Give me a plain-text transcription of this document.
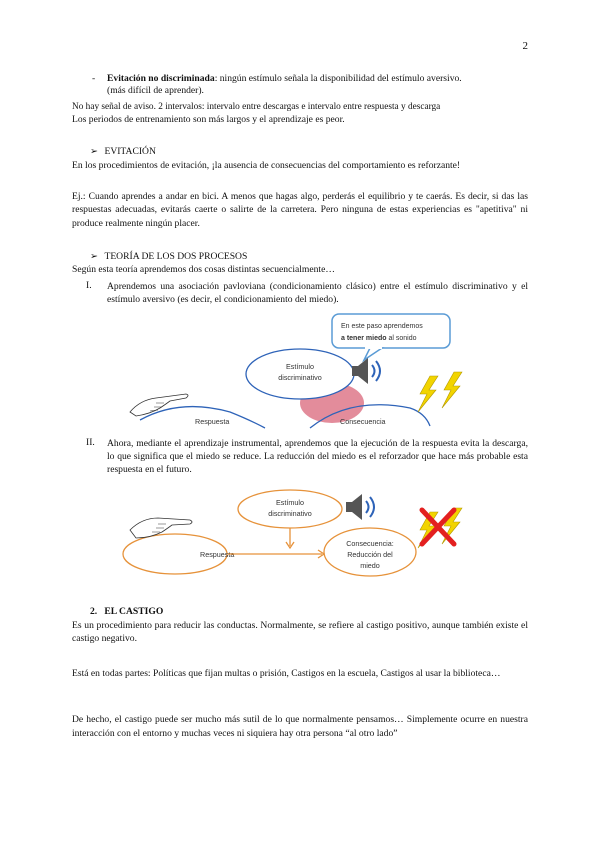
2
- Evitación no discriminada: ningún estímulo señala la disponibilidad del estímulo aversivo.
(más difícil de aprender).
No hay señal de aviso. 2 intervalos: intervalo entre descargas e intervalo entre respuesta y descarga
Los periodos de entrenamiento son más largos y el aprendizaje es peor.
➢ EVITACIÓN
En los procedimientos de evitación, ¡la ausencia de consecuencias del comportamiento es reforzante!
Ej.: Cuando aprendes a andar en bici. A menos que hagas algo, perderás el equilibrio y te caerás. Es decir, si das las respuestas adecuadas, evitarás caerte o salirte de la carretera. Pero ninguna de estas experiencias es "apetitiva" ni produce realmente ningún placer.
➢ TEORÍA DE LOS DOS PROCESOS
Según esta teoría aprendemos dos cosas distintas secuencialmente…
I. Aprendemos una asociación pavloviana (condicionamiento clásico) entre el estímulo discriminativo y el estímulo aversivo (es decir, el condicionamiento del miedo).
Estímulo
discriminativo
En este paso aprendemos
a tener miedo al sonido
Respuesta	Consecuencia
II. Ahora, mediante el aprendizaje instrumental, aprendemos que la ejecución de la respuesta evita la descarga, lo que significa que el miedo se reduce. La reducción del miedo es el reforzador que hace más probable esta respuesta en el futuro.
Estímulo
discriminativo
Respuesta
Consecuencia:
Reducción del
miedo
2.   EL CASTIGO
Es un procedimiento para reducir las conductas. Normalmente, se refiere al castigo positivo, aunque también existe el castigo negativo.
Está en todas partes: Políticas que fijan multas o prisión, Castigos en la escuela, Castigos al usar la biblioteca…
De hecho, el castigo puede ser mucho más sutil de lo que normalmente pensamos… Simplemente ocurre en nuestra interacción con el entorno y muchas veces ni siquiera hay otra persona “al otro lado”
